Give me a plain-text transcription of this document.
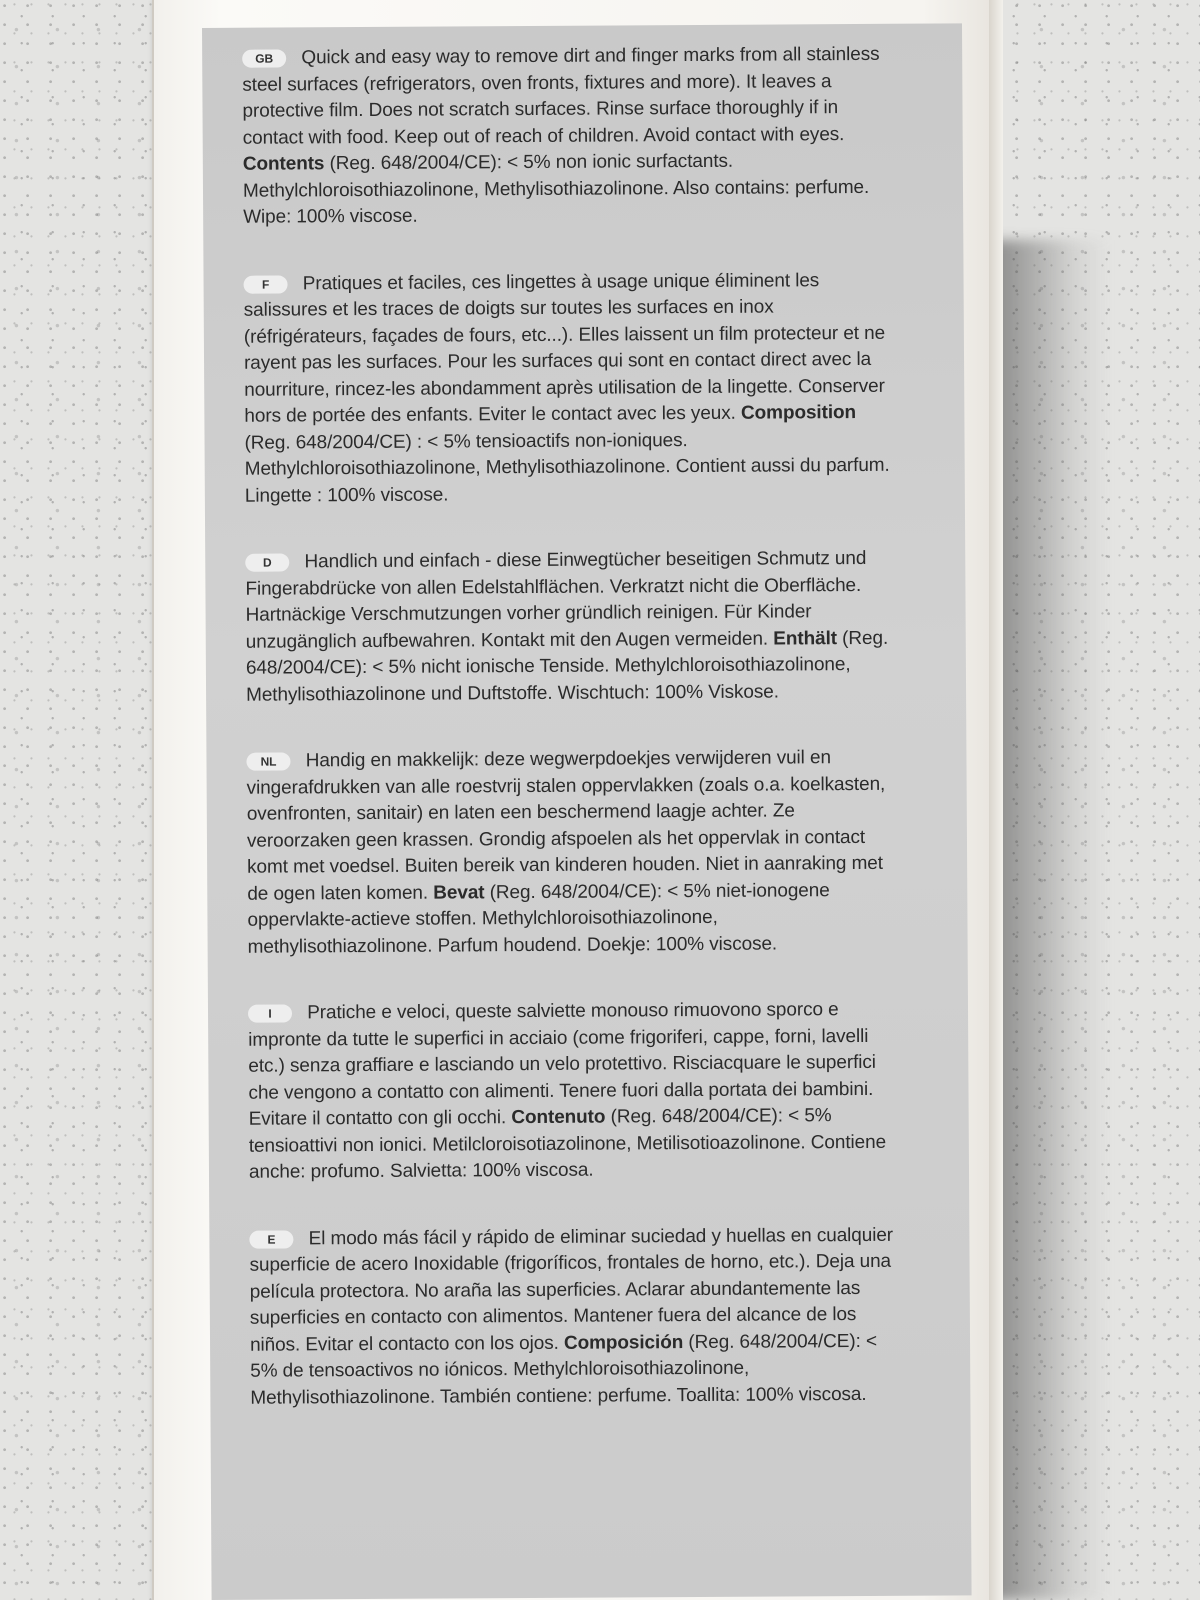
GB Quick and easy way to remove dirt and finger marks from all stainless steel surfaces (refrigerators, oven fronts, fixtures and more). It leaves a protective film. Does not scratch surfaces. Rinse surface thoroughly if in contact with food. Keep out of reach of children. Avoid contact with eyes.

Contents (Reg. 648/2004/CE): < 5% non ionic surfactants. Methylchloroisothiazolinone, Methylisothiazolinone. Also contains: perfume. Wipe: 100% viscose.

F Pratiques et faciles, ces lingettes à usage unique éliminent les salissures et les traces de doigts sur toutes les surfaces en inox (réfrigérateurs, façades de fours, etc...). Elles laissent un film protecteur et ne rayent pas les surfaces. Pour les surfaces qui sont en contact direct avec la nourriture, rincez-les abondamment après utilisation de la lingette. Conserver hors de portée des enfants. Eviter le contact avec les yeux. Composition

(Reg. 648/2004/CE) : < 5% tensioactifs non-ioniques. Methylchloroisothiazolinone, Methylisothiazolinone. Contient aussi du parfum. Lingette : 100% viscose.

D Handlich und einfach - diese Einwegtücher beseitigen Schmutz und Fingerabdrücke von allen Edelstahlflächen. Verkratzt nicht die Oberfläche. Hartnäckige Verschmutzungen vorher gründlich reinigen. Für Kinder unzugänglich aufbewahren. Kontakt mit den Augen vermeiden. Enthält (Reg. 648/2004/CE): < 5% nicht ionische Tenside. Methylchloroisothiazolinone, Methylisothiazolinone und Duftstoffe. Wischtuch: 100% Viskose.

NL Handig en makkelijk: deze wegwerpdoekjes verwijderen vuil en vingerafdrukken van alle roestvrij stalen oppervlakken (zoals o.a. koelkasten, ovenfronten, sanitair) en laten een beschermend laagje achter. Ze veroorzaken geen krassen. Grondig afspoelen als het oppervlak in contact komt met voedsel. Buiten bereik van kinderen houden. Niet in aanraking met de ogen laten komen. Bevat (Reg. 648/2004/CE): < 5% niet-ionogene oppervlakte-actieve stoffen. Methylchloroisothiazolinone, methylisothiazolinone. Parfum houdend. Doekje: 100% viscose.

I Pratiche e veloci, queste salviette monouso rimuovono sporco e impronte da tutte le superfici in acciaio (come frigoriferi, cappe, forni, lavelli etc.) senza graffiare e lasciando un velo protettivo. Risciacquare le superfici che vengono a contatto con alimenti. Tenere fuori dalla portata dei bambini. Evitare il contatto con gli occhi. Contenuto (Reg. 648/2004/CE): < 5% tensioattivi non ionici. Metilcloroisotiazolinone, Metilisotioazolinone. Contiene anche: profumo. Salvietta: 100% viscosa.

E El modo más fácil y rápido de eliminar suciedad y huellas en cualquier superficie de acero Inoxidable (frigoríficos, frontales de horno, etc.). Deja una película protectora. No araña las superficies. Aclarar abundantemente las superficies en contacto con alimentos. Mantener fuera del alcance de los niños. Evitar el contacto con los ojos. Composición (Reg. 648/2004/CE): < 5% de tensoactivos no iónicos. Methylchloroisothiazolinone, Methylisothiazolinone. También contiene: perfume. Toallita: 100% viscosa.
